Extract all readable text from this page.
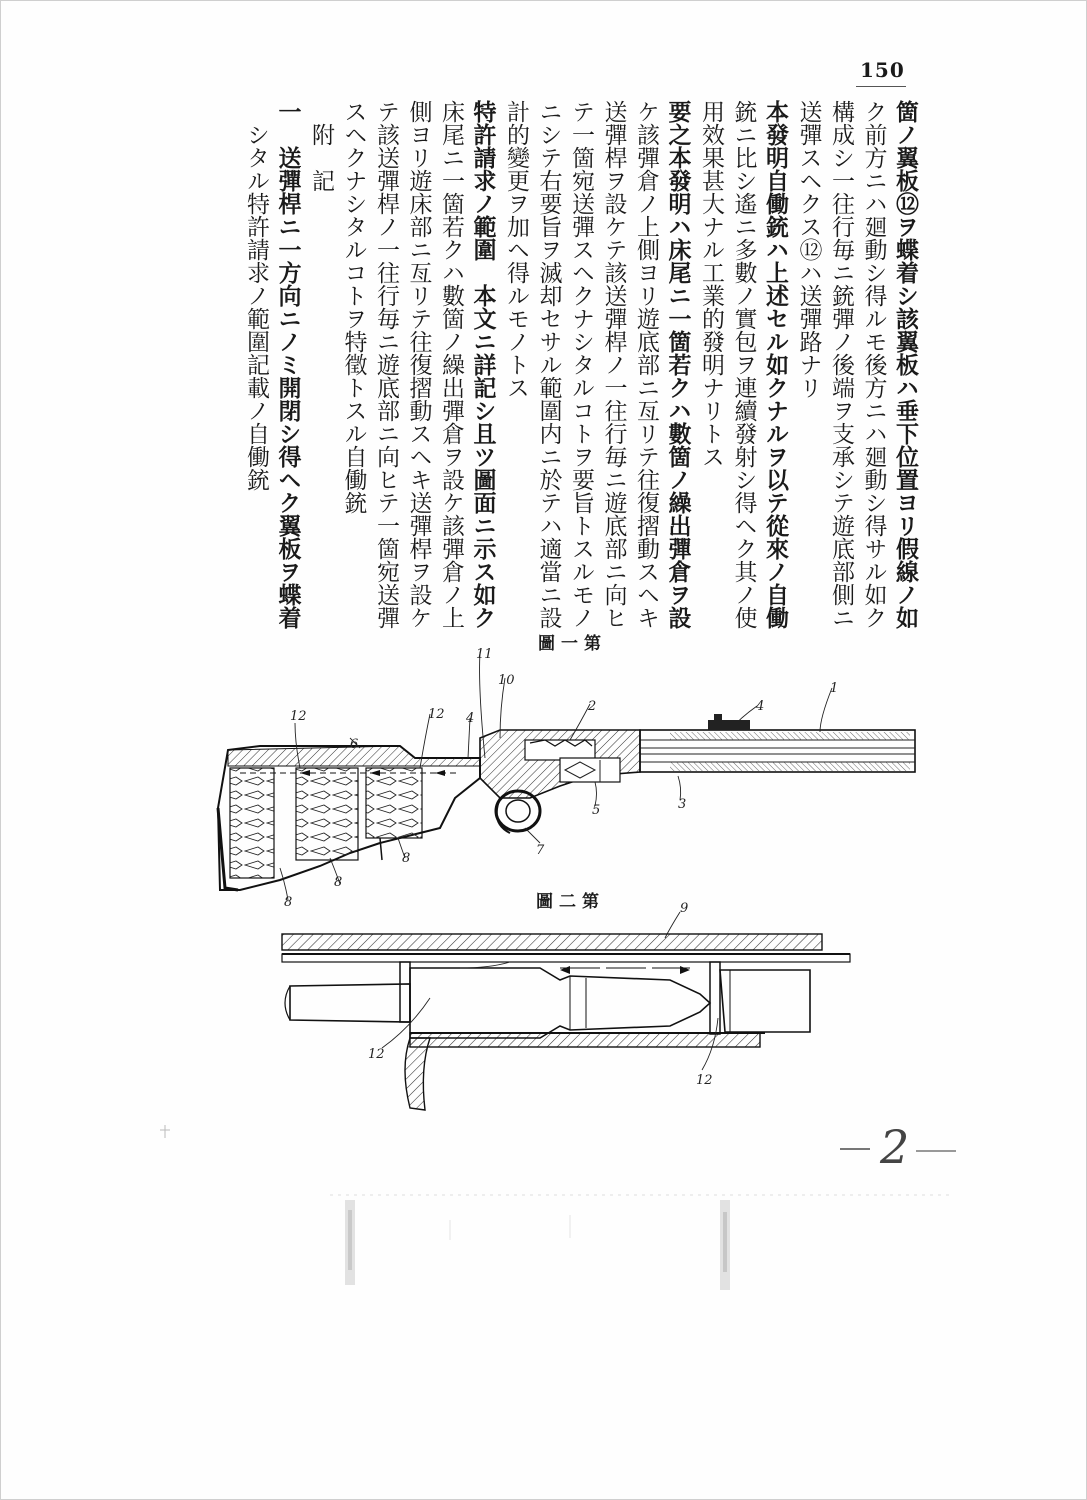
150
箇ノ翼板⑫ヲ蝶着シ該翼板ハ垂下位置ヨリ假線ノ如
ク前方ニハ廻動シ得ルモ後方ニハ廻動シ得サル如ク
構成シ一往行毎ニ銃彈ノ後端ヲ支承シテ遊底部側ニ
送彈スヘクス⑫ハ送彈路ナリ
本發明自働銃ハ上述セル如クナルヲ以テ從來ノ自働
銃ニ比シ遙ニ多數ノ實包ヲ連續發射シ得ヘク其ノ使
用效果甚大ナル工業的發明ナリトス
要之本發明ハ床尾ニ一箇若クハ數箇ノ繰出彈倉ヲ設
ケ該彈倉ノ上側ヨリ遊底部ニ亙リテ往復摺動スヘキ
送彈桿ヲ設ケテ該送彈桿ノ一往行毎ニ遊底部ニ向ヒ
テ一箇宛送彈スヘクナシタルコトヲ要旨トスルモノ
ニシテ右要旨ヲ滅却セサル範圍内ニ於テハ適當ニ設
計的變更ヲ加ヘ得ルモノトス
特許請求ノ範圍　本文ニ詳記シ且ツ圖面ニ示ス如ク
床尾ニ一箇若クハ數箇ノ繰出彈倉ヲ設ケ該彈倉ノ上
側ヨリ遊床部ニ亙リテ往復摺動スヘキ送彈桿ヲ設ケ
テ該送彈桿ノ一往行毎ニ遊底部ニ向ヒテ一箇宛送彈
スヘクナシタルコトヲ特徵トスル自働銃
　附　記
一　送彈桿ニ一方向ニノミ開閉シ得ヘク翼板ヲ蝶着
　シタル特許請求ノ範圍記載ノ自働銃
圖一第
11
10
2	4
1
12
6
12 4
3
5
7
8
8
8
圖二第	9
12
12
2
